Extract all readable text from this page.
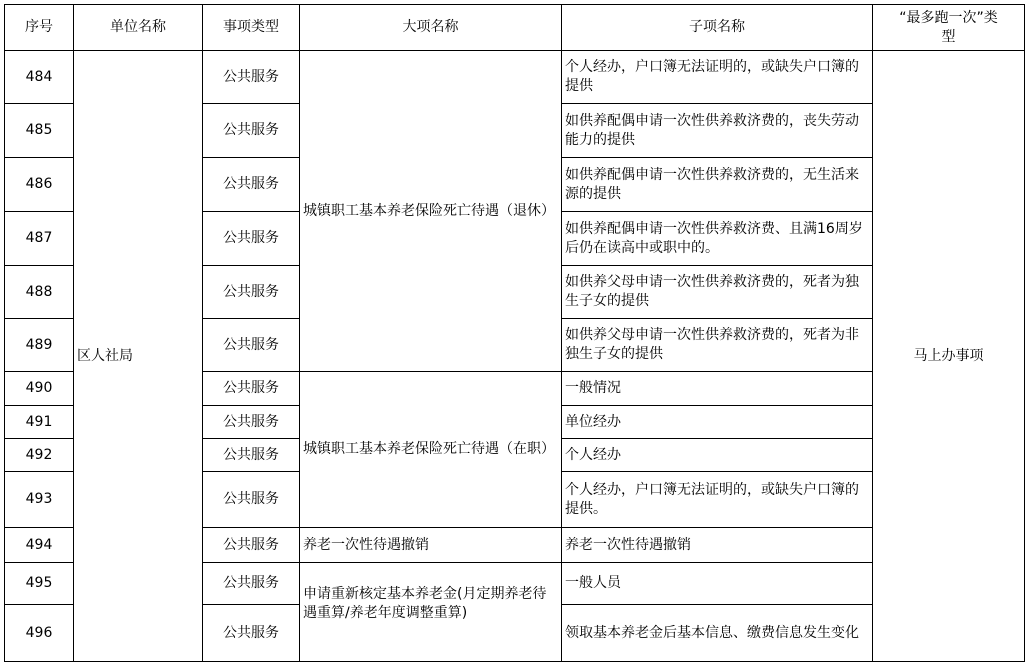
序号	单位名称	事项类型	大项名称	子项名称	“最多跑一次”类型
484	区人社局	公共服务	城镇职工基本养老保险死亡待遇（退休）	个人经办，户口簿无法证明的，或缺失户口簿的提供	马上办事项
485		公共服务		如供养配偶申请一次性供养救济费的，丧失劳动能力的提供	
486		公共服务		如供养配偶申请一次性供养救济费的，无生活来源的提供	
487		公共服务		如供养配偶申请一次性供养救济费、且满16周岁后仍在读高中或职中的。	
488		公共服务		如供养父母申请一次性供养救济费的，死者为独生子女的提供	
489		公共服务		如供养父母申请一次性供养救济费的，死者为非独生子女的提供	
490		公共服务	城镇职工基本养老保险死亡待遇（在职）	一般情况	
491		公共服务		单位经办	
492		公共服务		个人经办	
493		公共服务		个人经办，户口簿无法证明的，或缺失户口簿的提供。	
494		公共服务	养老一次性待遇撤销	养老一次性待遇撤销	
495		公共服务	申请重新核定基本养老金(月定期养老待遇重算/养老年度调整重算)	一般人员	
496		公共服务		领取基本养老金后基本信息、缴费信息发生变化	
